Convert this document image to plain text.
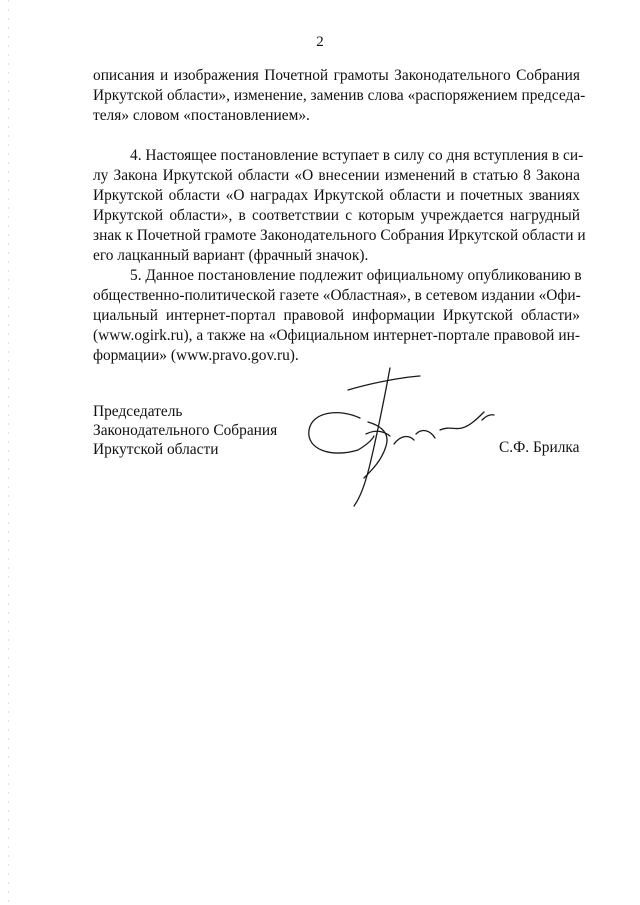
2
описания и изображения Почетной грамоты Законодательного Собрания
Иркутской области», изменение, заменив слова «распоряжением председа-
теля» словом «постановлением».
4. Настоящее постановление вступает в силу со дня вступления в си-
лу Закона Иркутской области «О внесении изменений в статью 8 Закона
Иркутской области «О наградах Иркутской области и почетных званиях
Иркутской области», в соответствии с которым учреждается нагрудный
знак к Почетной грамоте Законодательного Собрания Иркутской области и
его лацканный вариант (фрачный значок).
5. Данное постановление подлежит официальному опубликованию в
общественно-политической газете «Областная», в сетевом издании «Офи-
циальный интернет-портал правовой информации Иркутской области»
(www.ogirk.ru), а также на «Официальном интернет-портале правовой ин-
формации» (www.pravo.gov.ru).
Председатель
Законодательного Собрания
Иркутской области	С.Ф. Брилка
